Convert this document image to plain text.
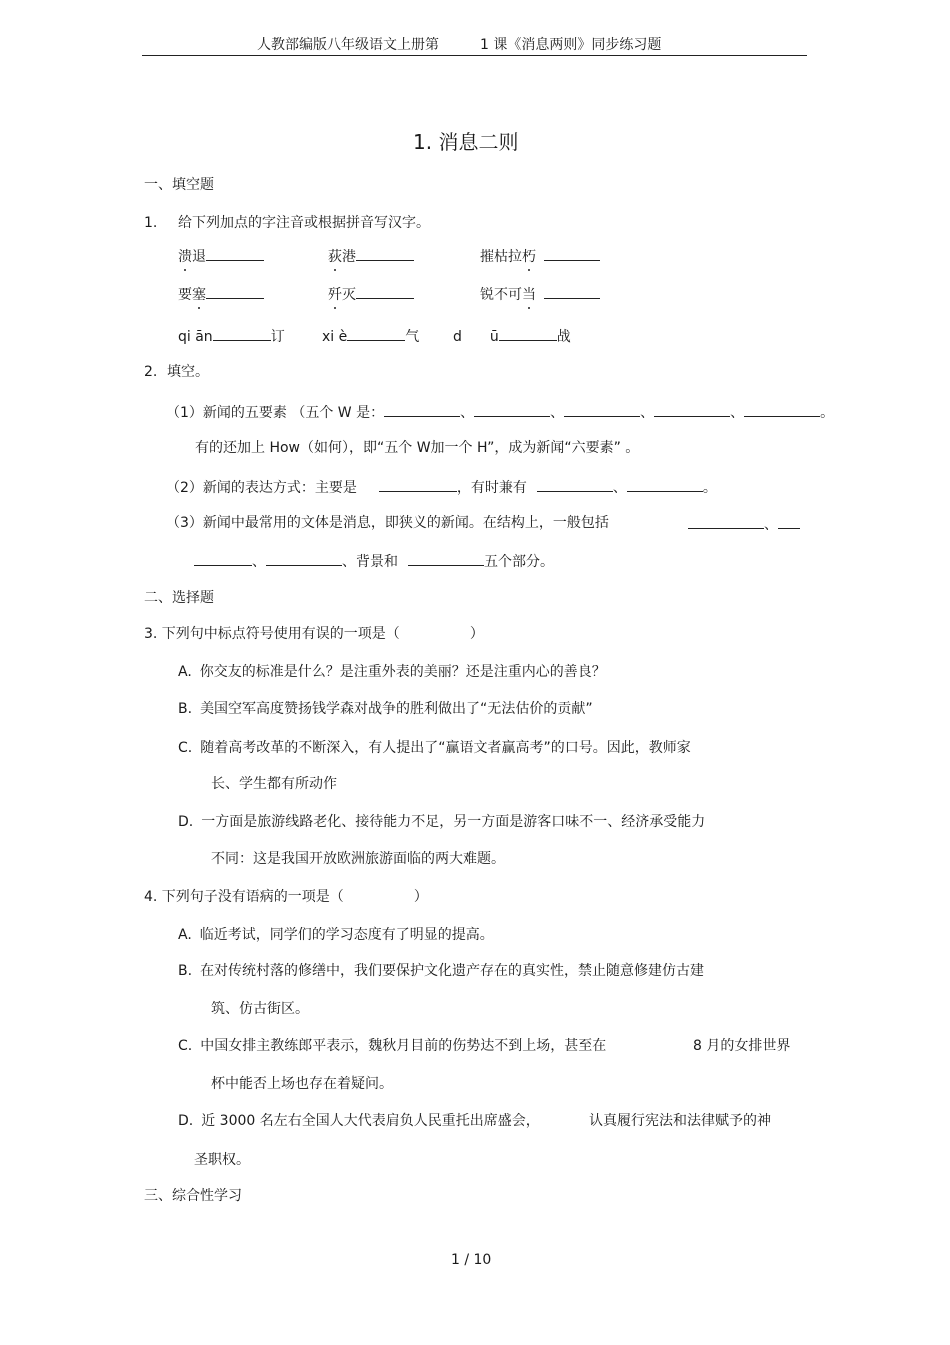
人教部编版八年级语文上册第	1 课《消息两则》同步练习题
1. 消息二则
一、填空题
1. 给下列加点的字注音或根据拼音写汉字。
溃退	荻港	摧枯拉朽
要塞	歼灭	锐不可当
qi ān	订	xi è	气 d ū	战
2. 填空。
（1）新闻的五要素 （五个 W 是：	、	、	、	、	。
有的还加上 How（如何），即“五个 W加一个 H”，成为新闻“六要素” 。
（2）新闻的表达方式：主要是	，有时兼有	、	。
（3）新闻中最常用的文体是消息，即狭义的新闻。在结构上，一般包括	、
、	、背景和	五个部分。
二、选择题
3. 下列句中标点符号使用有误的一项是（	）
A. 你交友的标准是什么？是注重外表的美丽？还是注重内心的善良？
B. 美国空军高度赞扬钱学森对战争的胜利做出了“无法估价的贡献”
C. 随着高考改革的不断深入，有人提出了“赢语文者赢高考”的口号。因此，教师家
长、学生都有所动作
D. 一方面是旅游线路老化、接待能力不足，另一方面是游客口味不一、经济承受能力
不同：这是我国开放欧洲旅游面临的两大难题。
4. 下列句子没有语病的一项是（	）
A. 临近考试，同学们的学习态度有了明显的提高。
B. 在对传统村落的修缮中，我们要保护文化遗产存在的真实性，禁止随意修建仿古建
筑、仿古街区。
C. 中国女排主教练郎平表示，魏秋月目前的伤势达不到上场，甚至在	8 月的女排世界
杯中能否上场也存在着疑问。
D. 近 3000 名左右全国人大代表肩负人民重托出席盛会，	认真履行宪法和法律赋予的神
圣职权。
三、综合性学习
1 / 10
